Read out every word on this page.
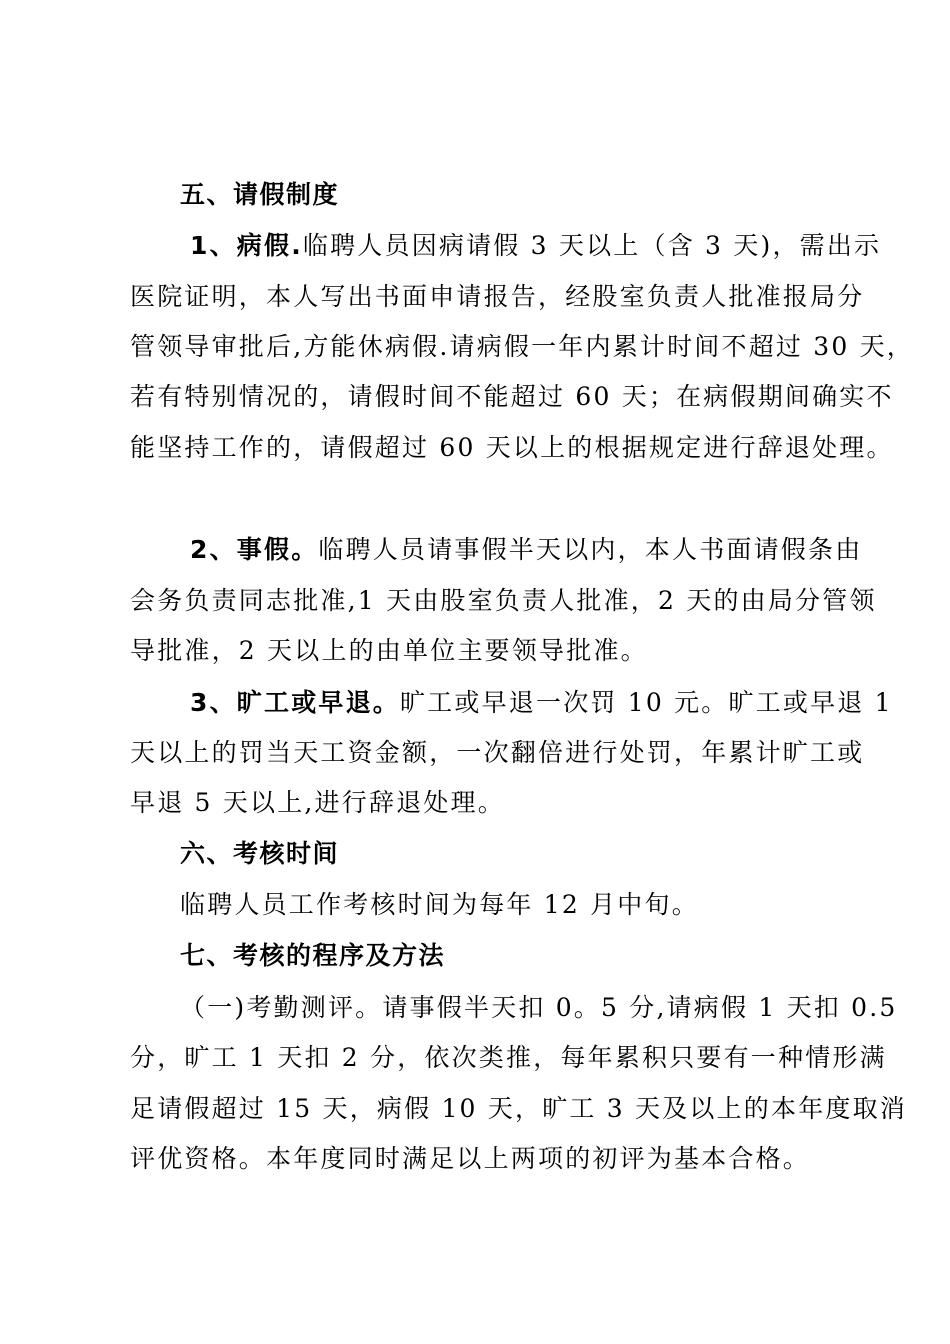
五、请假制度
1、病假.临聘人员因病请假 3 天以上（含 3 天)，需出示
医院证明，本人写出书面申请报告，经股室负责人批准报局分
管领导审批后,方能休病假.请病假一年内累计时间不超过 30 天，
若有特别情况的，请假时间不能超过 60 天；在病假期间确实不
能坚持工作的，请假超过 60 天以上的根据规定进行辞退处理。
2、事假。临聘人员请事假半天以内，本人书面请假条由
会务负责同志批准,1 天由股室负责人批准，2 天的由局分管领
导批准，2 天以上的由单位主要领导批准。
3、旷工或早退。旷工或早退一次罚 10 元。旷工或早退 1
天以上的罚当天工资金额，一次翻倍进行处罚，年累计旷工或
早退 5 天以上,进行辞退处理。
六、考核时间
临聘人员工作考核时间为每年 12 月中旬。
七、考核的程序及方法
（一)考勤测评。请事假半天扣 0。5 分,请病假 1 天扣 0.5
分，旷工 1 天扣 2 分，依次类推，每年累积只要有一种情形满
足请假超过 15 天，病假 10 天，旷工 3 天及以上的本年度取消
评优资格。本年度同时满足以上两项的初评为基本合格。
